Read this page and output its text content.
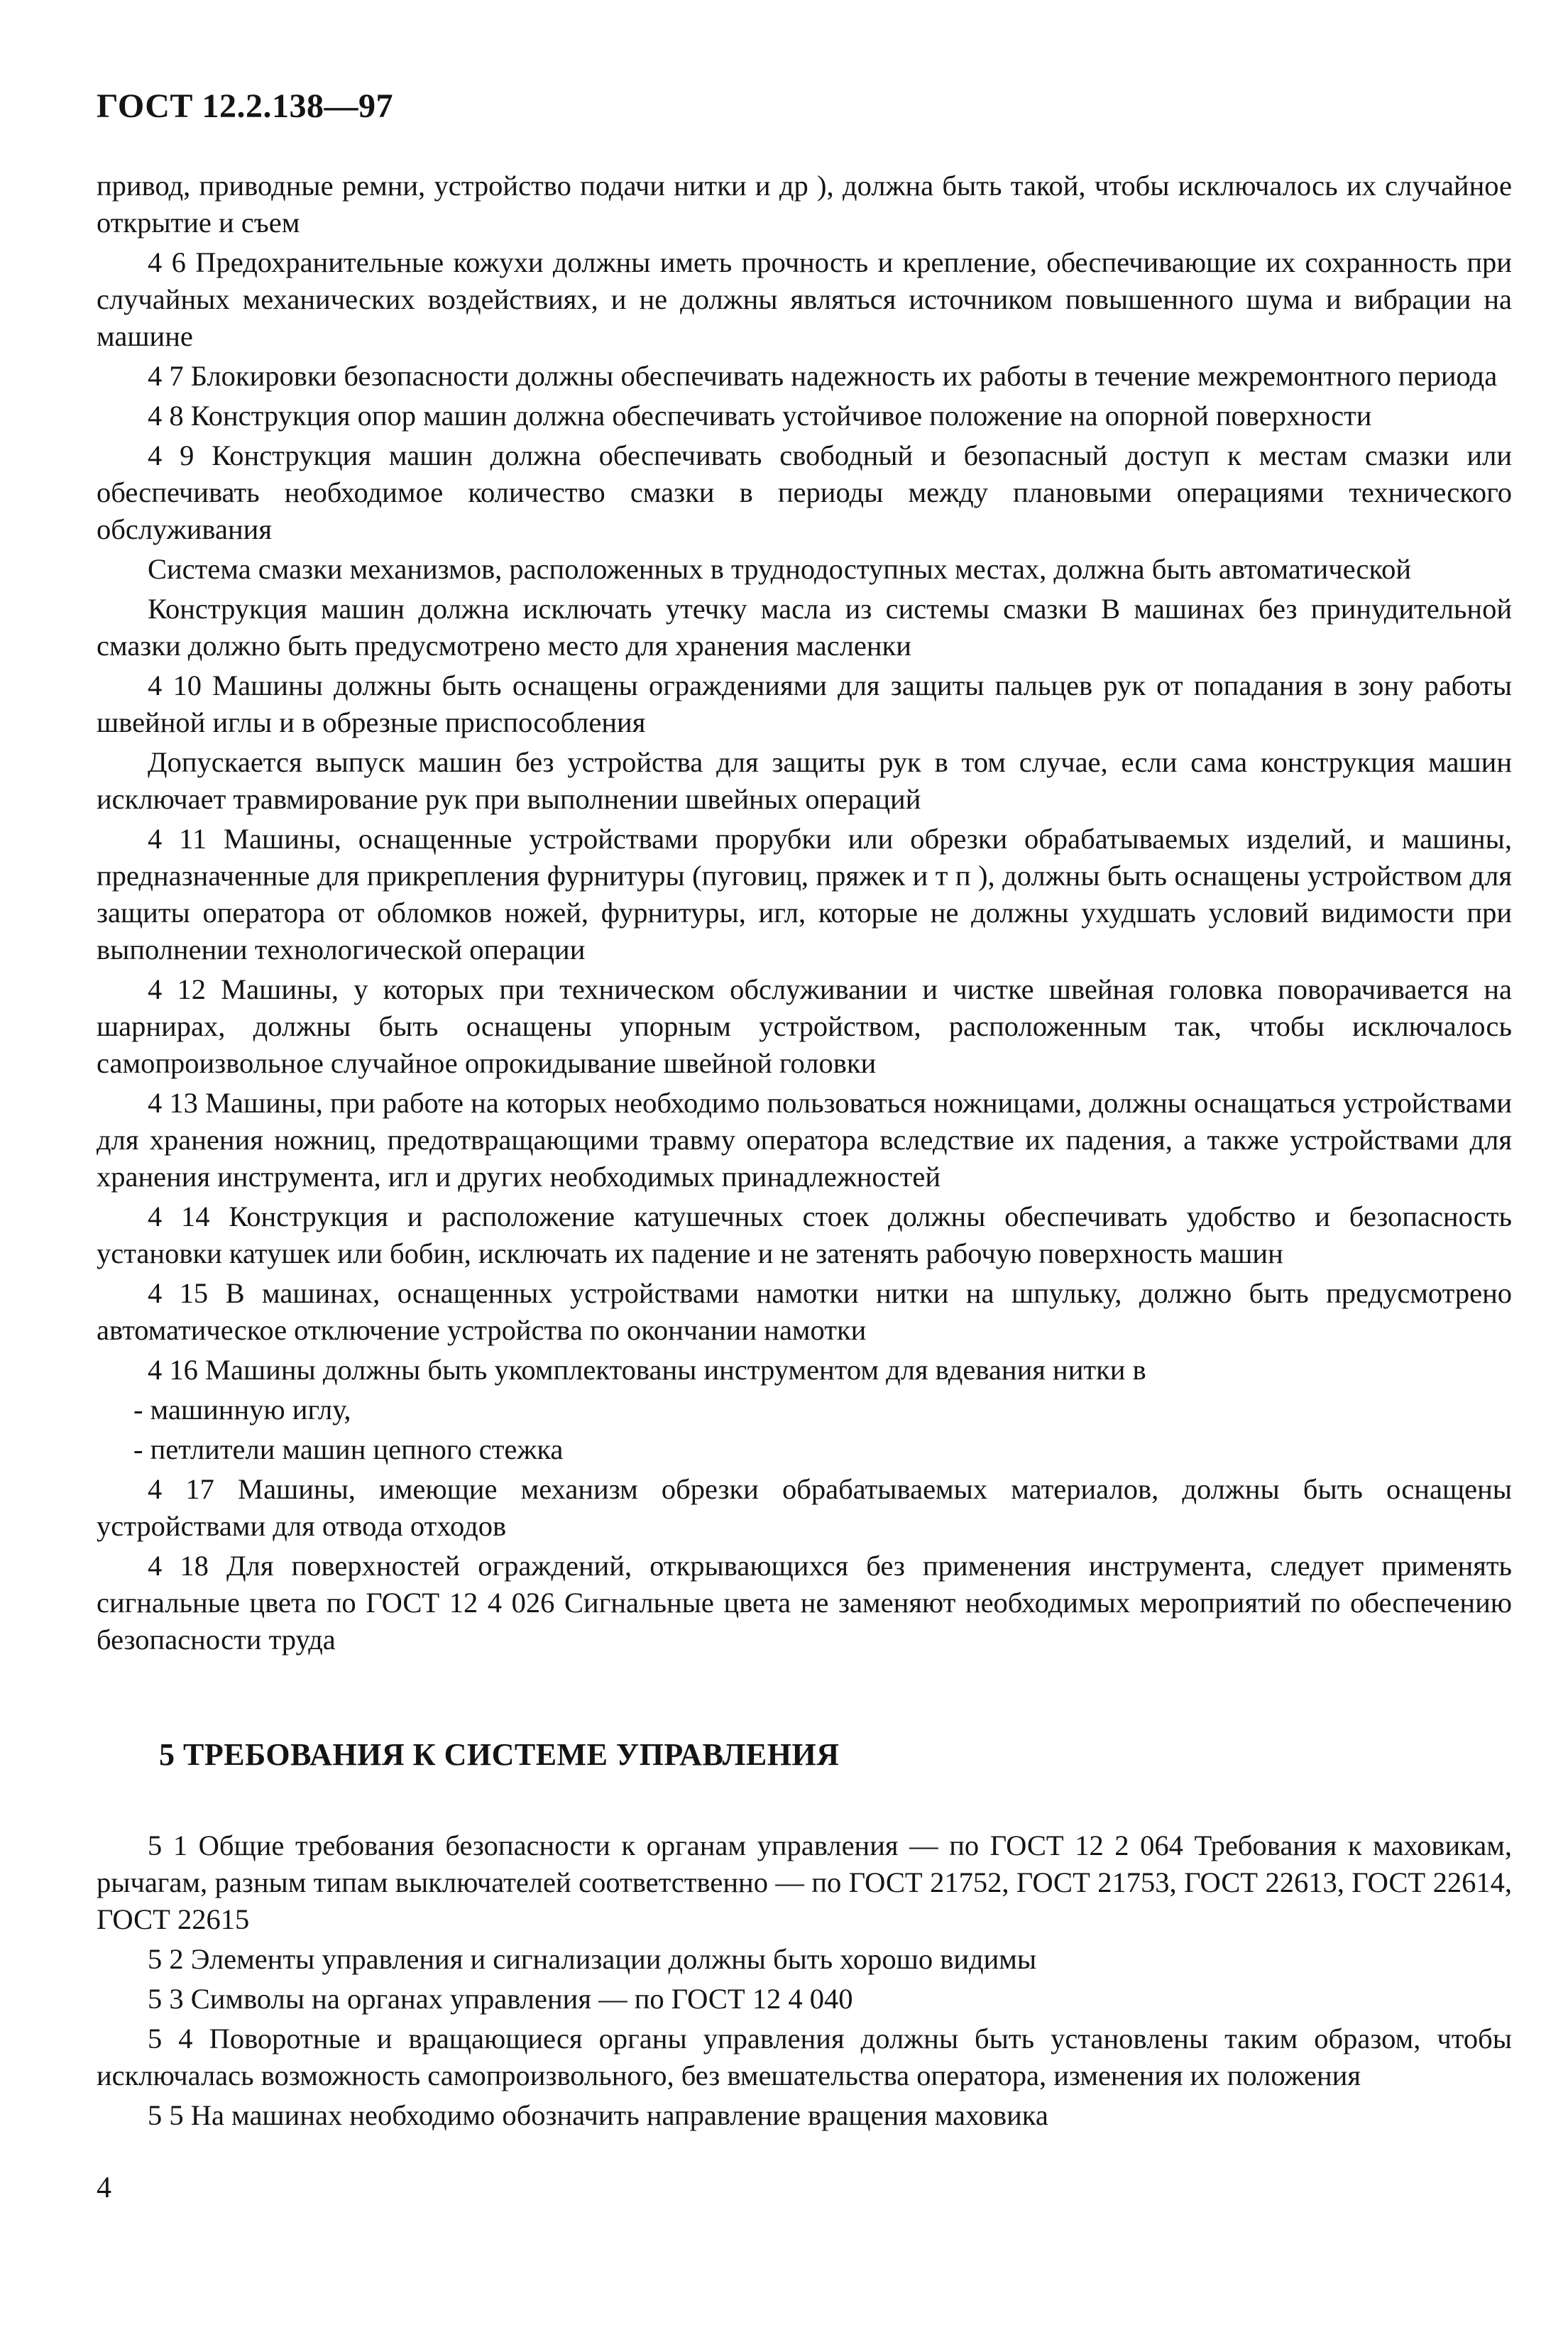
ГОСТ 12.2.138—97

привод, приводные ремни, устройство подачи нитки и др ), должна быть такой, чтобы исключалось их случайное открытие и съем

4 6 Предохранительные кожухи должны иметь прочность и крепление, обеспечивающие их сохранность при случайных механических воздействиях, и не должны являться источником повышенного шума и вибрации на машине

4 7 Блокировки безопасности должны обеспечивать надежность их работы в течение межремонтного периода

4 8 Конструкция опор машин должна обеспечивать устойчивое положение на опорной поверхности

4 9 Конструкция машин должна обеспечивать свободный и безопасный доступ к местам смазки или обеспечивать необходимое количество смазки в периоды между плановыми операциями технического обслуживания

Система смазки механизмов, расположенных в труднодоступных местах, должна быть автоматической

Конструкция машин должна исключать утечку масла из системы смазки В машинах без принудительной смазки должно быть предусмотрено место для хранения масленки

4 10 Машины должны быть оснащены ограждениями для защиты пальцев рук от попадания в зону работы швейной иглы и в обрезные приспособления

Допускается выпуск машин без устройства для защиты рук в том случае, если сама конструкция машин исключает травмирование рук при выполнении швейных операций

4 11 Машины, оснащенные устройствами прорубки или обрезки обрабатываемых изделий, и машины, предназначенные для прикрепления фурнитуры (пуговиц, пряжек и т п ), должны быть оснащены устройством для защиты оператора от обломков ножей, фурнитуры, игл, которые не должны ухудшать условий видимости при выполнении технологической операции

4 12 Машины, у которых при техническом обслуживании и чистке швейная головка поворачивается на шарнирах, должны быть оснащены упорным устройством, расположенным так, чтобы исключалось самопроизвольное случайное опрокидывание швейной головки

4 13 Машины, при работе на которых необходимо пользоваться ножницами, должны оснащаться устройствами для хранения ножниц, предотвращающими травму оператора вследствие их падения, а также устройствами для хранения инструмента, игл и других необходимых принадлежностей

4 14 Конструкция и расположение катушечных стоек должны обеспечивать удобство и безопасность установки катушек или бобин, исключать их падение и не затенять рабочую поверхность машин

4 15 В машинах, оснащенных устройствами намотки нитки на шпульку, должно быть предусмотрено автоматическое отключение устройства по окончании намотки

4 16 Машины должны быть укомплектованы инструментом для вдевания нитки в

- машинную иглу,

- петлители машин цепного стежка

4 17 Машины, имеющие механизм обрезки обрабатываемых материалов, должны быть оснащены устройствами для отвода отходов

4 18 Для поверхностей ограждений, открывающихся без применения инструмента, следует применять сигнальные цвета по ГОСТ 12 4 026 Сигнальные цвета не заменяют необходимых мероприятий по обеспечению безопасности труда

5 ТРЕБОВАНИЯ К СИСТЕМЕ УПРАВЛЕНИЯ

5 1 Общие требования безопасности к органам управления — по ГОСТ 12 2 064 Требования к маховикам, рычагам, разным типам выключателей соответственно — по ГОСТ 21752, ГОСТ 21753, ГОСТ 22613, ГОСТ 22614, ГОСТ 22615

5 2 Элементы управления и сигнализации должны быть хорошо видимы

5 3 Символы на органах управления — по ГОСТ 12 4 040

5 4 Поворотные и вращающиеся органы управления должны быть установлены таким образом, чтобы исключалась возможность самопроизвольного, без вмешательства оператора, изменения их положения

5 5 На машинах необходимо обозначить направление вращения маховика

4
